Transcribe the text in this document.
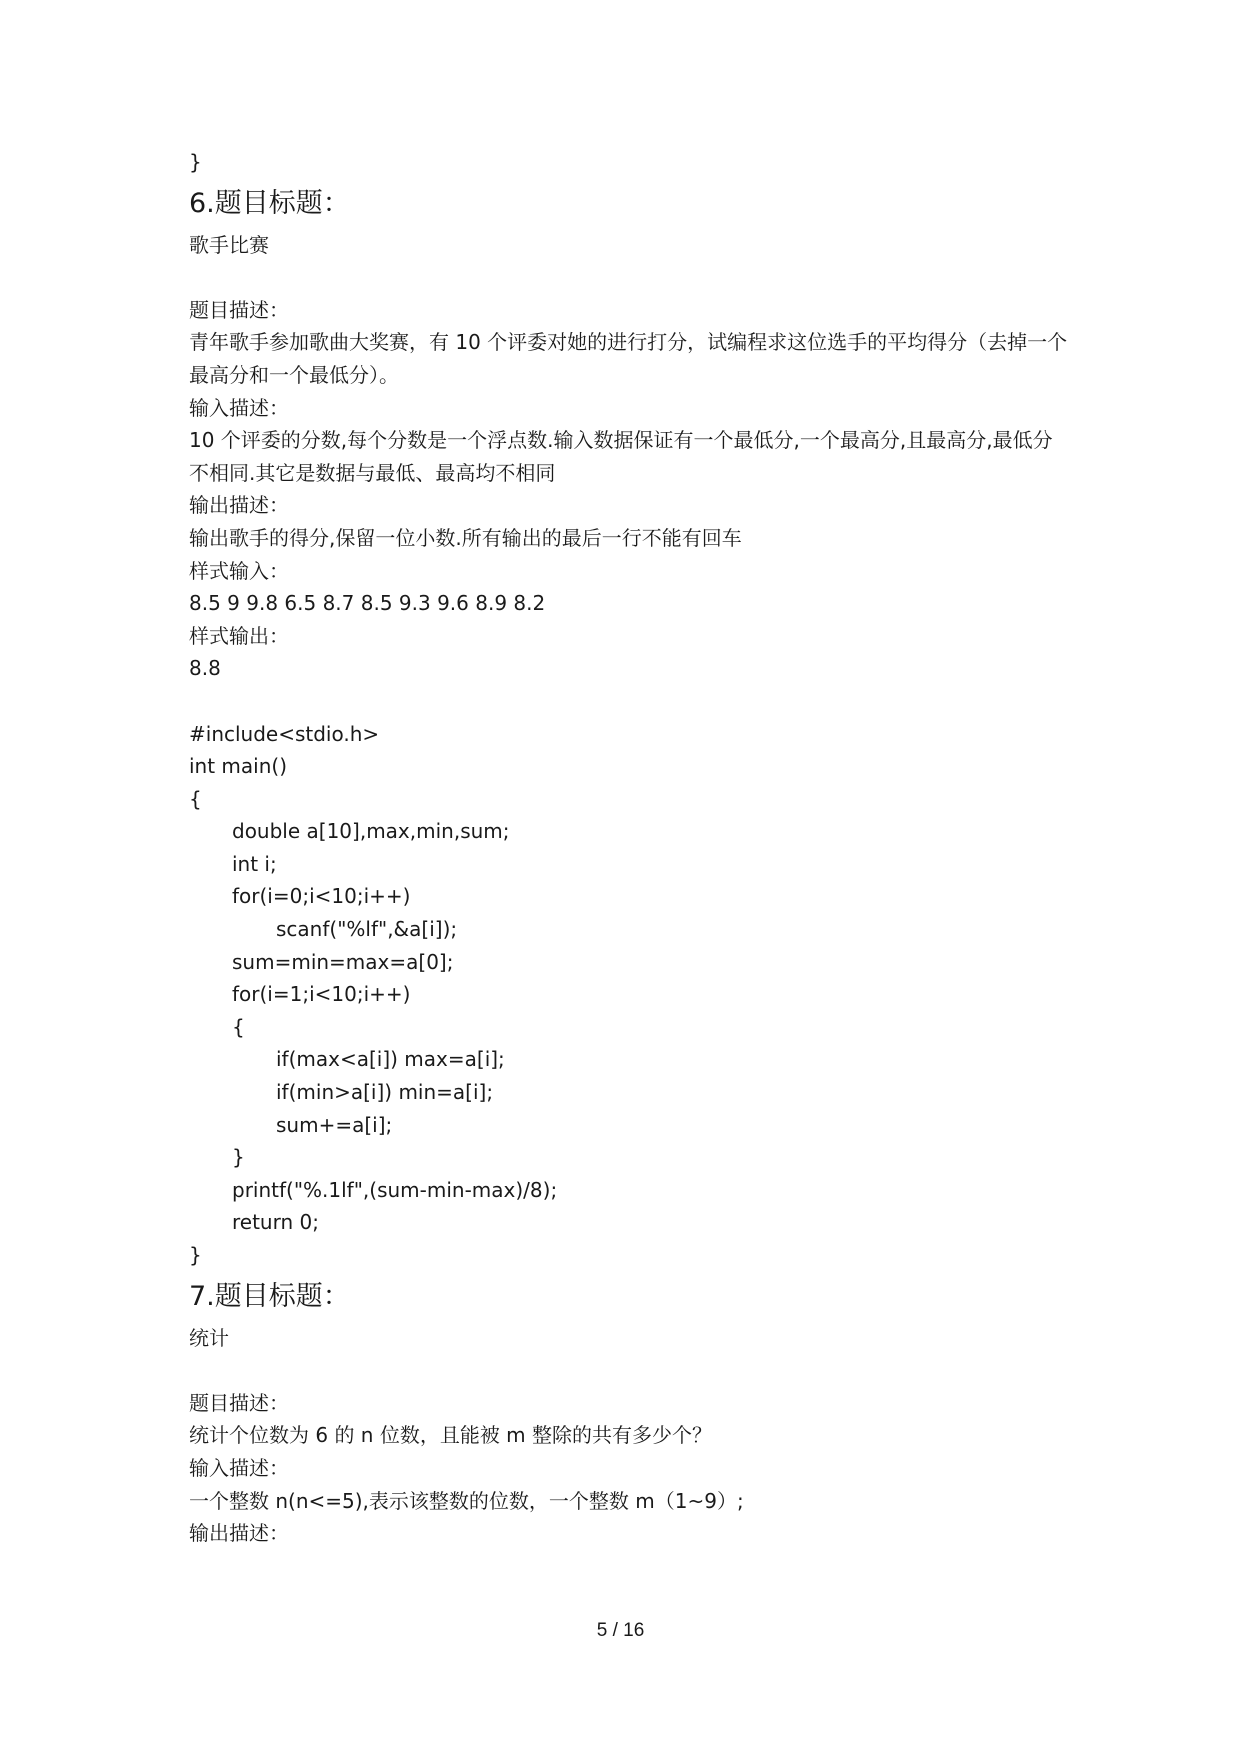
}
6.题目标题：
歌手比赛
题目描述：
青年歌手参加歌曲大奖赛，有 10 个评委对她的进行打分，试编程求这位选手的平均得分（去掉一个最高分和一个最低分）。
输入描述：
10 个评委的分数,每个分数是一个浮点数.输入数据保证有一个最低分,一个最高分,且最高分,最低分不相同.其它是数据与最低、最高均不相同
输出描述：
输出歌手的得分,保留一位小数.所有输出的最后一行不能有回车
样式输入：
8.5 9 9.8 6.5 8.7 8.5 9.3 9.6 8.9 8.2
样式输出：
8.8
#include<stdio.h>
int main()
{
double a[10],max,min,sum;
int i;
for(i=0;i<10;i++)
scanf("%lf",&a[i]);
sum=min=max=a[0];
for(i=1;i<10;i++)
{
if(max<a[i]) max=a[i];
if(min>a[i]) min=a[i];
sum+=a[i];
}
printf("%.1lf",(sum-min-max)/8);
return 0;
}
7.题目标题：
统计
题目描述：
统计个位数为 6 的 n 位数，且能被 m 整除的共有多少个？
输入描述：
一个整数 n(n<=5),表示该整数的位数，一个整数 m（1~9）;
输出描述：
5 / 16
